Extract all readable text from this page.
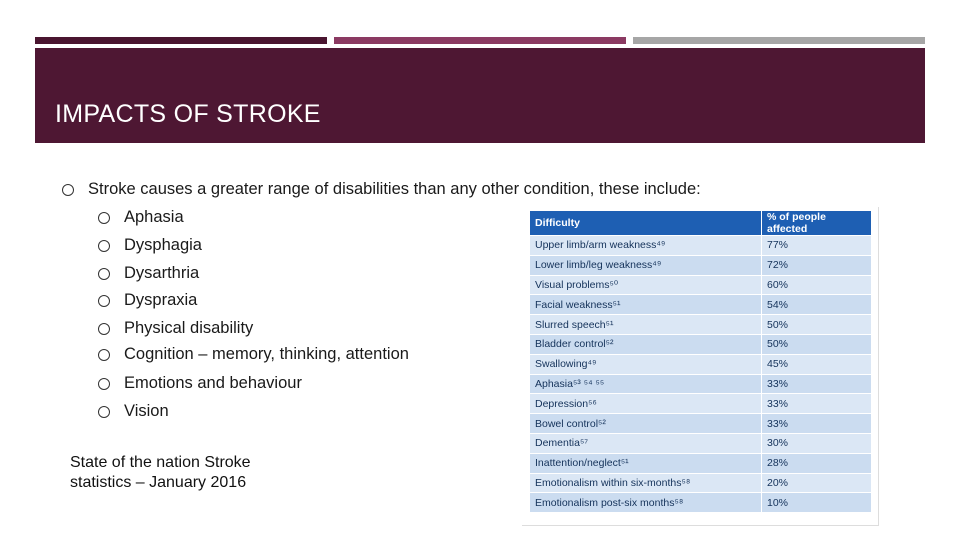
IMPACTS OF STROKE
Stroke causes a greater range of disabilities than any other condition, these include:
Aphasia
Dysphagia
Dysarthria
Dyspraxia
Physical disability
Cognition – memory, thinking, attention
Emotions and behaviour
Vision
State of the nation Stroke
statistics – January 2016
Difficulty	% of people affected
Upper limb/arm weakness⁴⁹	77%
Lower limb/leg weakness⁴⁹	72%
Visual problems⁵⁰	60%
Facial weakness⁵¹	54%
Slurred speech⁵¹	50%
Bladder control⁵²	50%
Swallowing⁴⁹	45%
Aphasia⁵³ ⁵⁴ ⁵⁵	33%
Depression⁵⁶	33%
Bowel control⁵²	33%
Dementia⁵⁷	30%
Inattention/neglect⁵¹	28%
Emotionalism within six-months⁵⁸	20%
Emotionalism post-six months⁵⁸	10%
